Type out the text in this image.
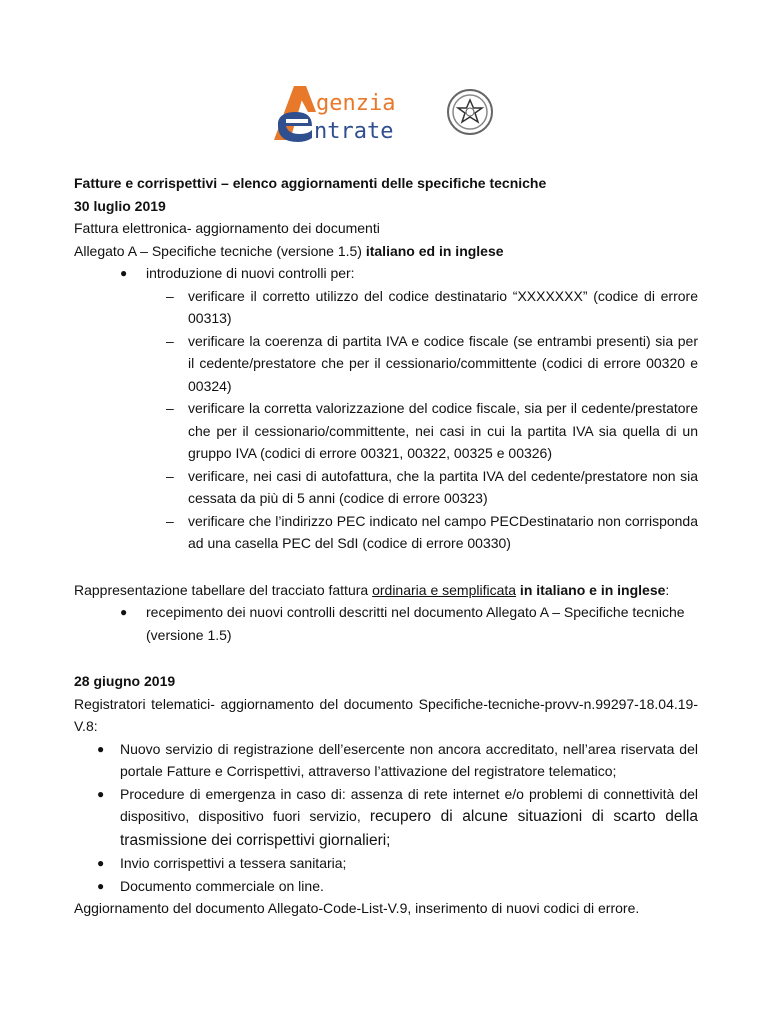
genzia
ntrate

Fatture e corrispettivi – elenco aggiornamenti delle specifiche tecniche

30 luglio 2019

Fattura elettronica- aggiornamento dei documenti

Allegato A – Specifiche tecniche (versione 1.5) italiano ed in inglese

● introduzione di nuovi controlli per:
– verificare il corretto utilizzo del codice destinatario “XXXXXXX” (codice di errore 00313)
– verificare la coerenza di partita IVA e codice fiscale (se entrambi presenti) sia per il cedente/prestatore che per il cessionario/committente (codici di errore 00320 e 00324)
– verificare la corretta valorizzazione del codice fiscale, sia per il cedente/prestatore che per il cessionario/committente, nei casi in cui la partita IVA sia quella di un gruppo IVA (codici di errore 00321, 00322, 00325 e 00326)
– verificare, nei casi di autofattura, che la partita IVA del cedente/prestatore non sia cessata da più di 5 anni (codice di errore 00323)
– verificare che l’indirizzo PEC indicato nel campo PECDestinatario non corrisponda ad una casella PEC del SdI (codice di errore 00330)

Rappresentazione tabellare del tracciato fattura ordinaria e semplificata in italiano e in inglese:

● recepimento dei nuovi controlli descritti nel documento Allegato A – Specifiche tecniche (versione 1.5)

28 giugno 2019

Registratori telematici- aggiornamento del documento Specifiche-tecniche-provv-n.99297-18.04.19-V.8:

● Nuovo servizio di registrazione dell’esercente non ancora accreditato, nell’area riservata del portale Fatture e Corrispettivi, attraverso l’attivazione del registratore telematico;
● Procedure di emergenza in caso di: assenza di rete internet e/o problemi di connettività del dispositivo, dispositivo fuori servizio, recupero di alcune situazioni di scarto della trasmissione dei corrispettivi giornalieri;
● Invio corrispettivi a tessera sanitaria;
● Documento commerciale on line.

Aggiornamento del documento Allegato-Code-List-V.9, inserimento di nuovi codici di errore.
